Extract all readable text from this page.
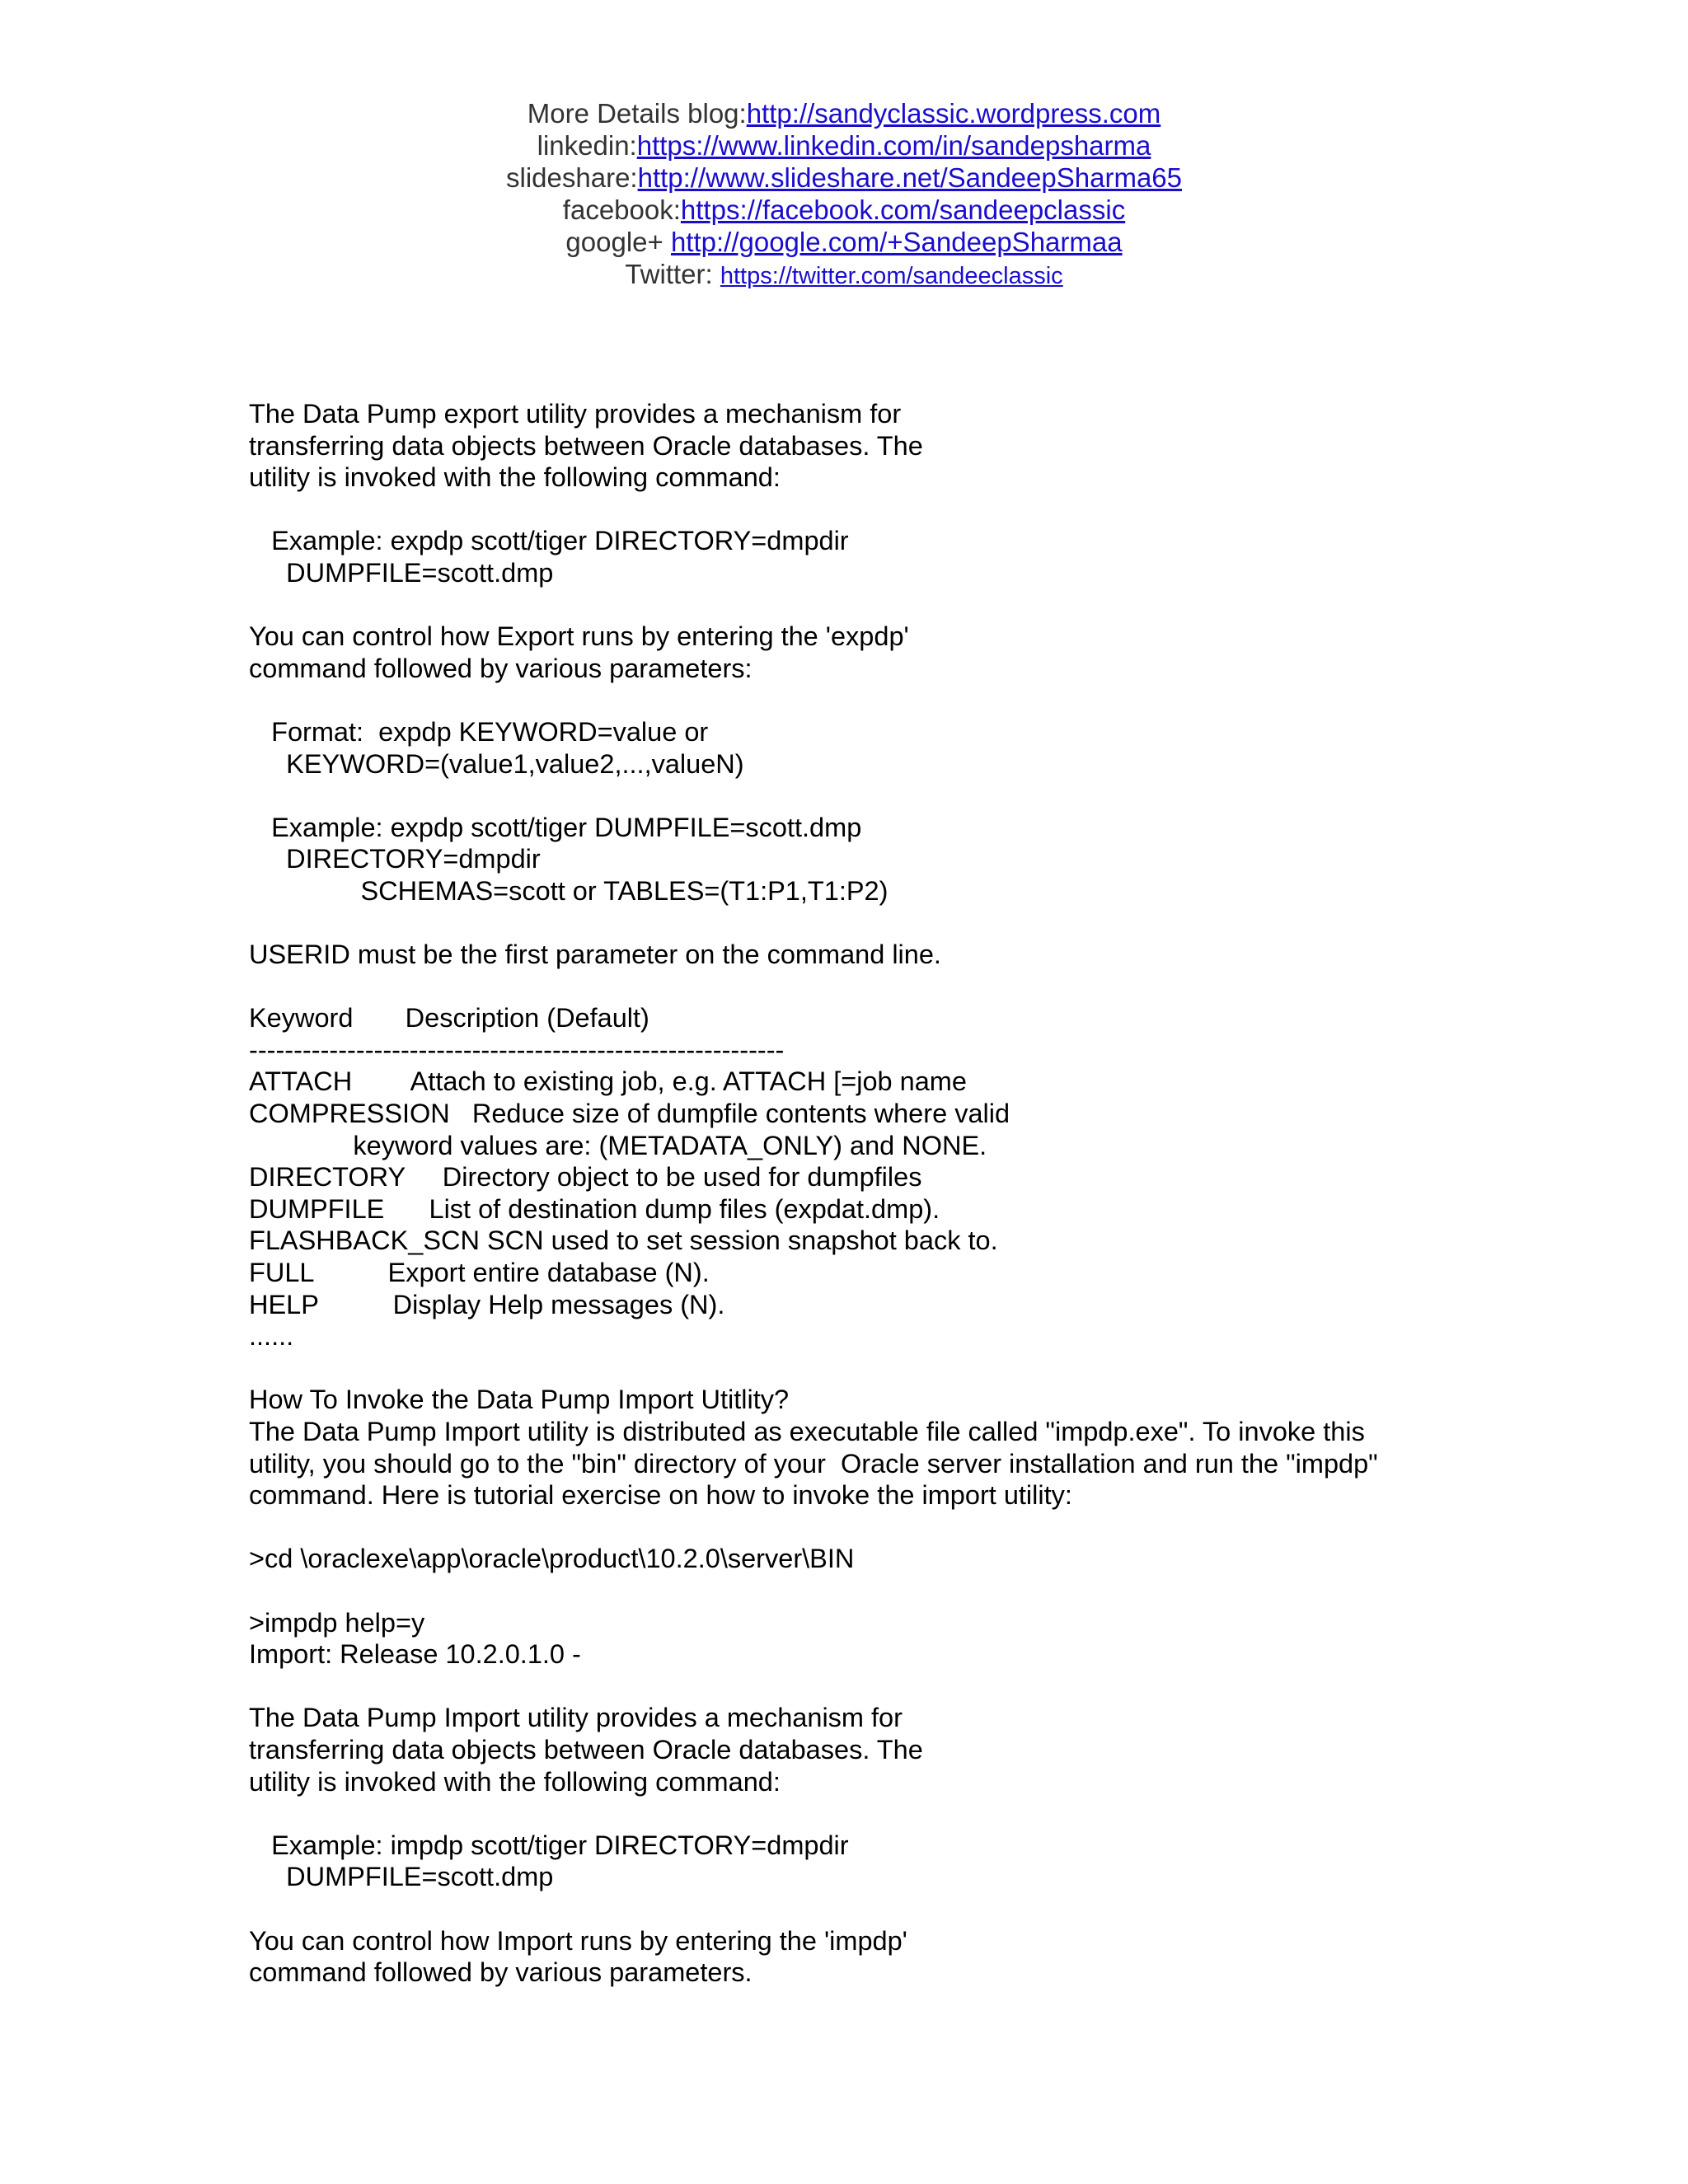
More Details blog:http://sandyclassic.wordpress.com
linkedin:https://www.linkedin.com/in/sandepsharma
slideshare:http://www.slideshare.net/SandeepSharma65
facebook:https://facebook.com/sandeepclassic
google+ http://google.com/+SandeepSharmaa
Twitter: https://twitter.com/sandeeclassic
The Data Pump export utility provides a mechanism for
transferring data objects between Oracle databases. The
utility is invoked with the following command:
Example: expdp scott/tiger DIRECTORY=dmpdir
DUMPFILE=scott.dmp
You can control how Export runs by entering the 'expdp'
command followed by various parameters:
Format:  expdp KEYWORD=value or
KEYWORD=(value1,value2,...,valueN)
Example: expdp scott/tiger DUMPFILE=scott.dmp
DIRECTORY=dmpdir
SCHEMAS=scott or TABLES=(T1:P1,T1:P2)
USERID must be the first parameter on the command line.
Keyword       Description (Default)
------------------------------------------------------------
ATTACH        Attach to existing job, e.g. ATTACH [=job name
COMPRESSION   Reduce size of dumpfile contents where valid
keyword values are: (METADATA_ONLY) and NONE.
DIRECTORY     Directory object to be used for dumpfiles
DUMPFILE      List of destination dump files (expdat.dmp).
FLASHBACK_SCN SCN used to set session snapshot back to.
FULL          Export entire database (N).
HELP          Display Help messages (N).
......
How To Invoke the Data Pump Import Utitlity?
The Data Pump Import utility is distributed as executable file called "impdp.exe". To invoke this
utility, you should go to the "bin" directory of your  Oracle server installation and run the "impdp"
command. Here is tutorial exercise on how to invoke the import utility:
>cd \oraclexe\app\oracle\product\10.2.0\server\BIN
>impdp help=y
Import: Release 10.2.0.1.0 -
The Data Pump Import utility provides a mechanism for
transferring data objects between Oracle databases. The
utility is invoked with the following command:
Example: impdp scott/tiger DIRECTORY=dmpdir
DUMPFILE=scott.dmp
You can control how Import runs by entering the 'impdp'
command followed by various parameters.
